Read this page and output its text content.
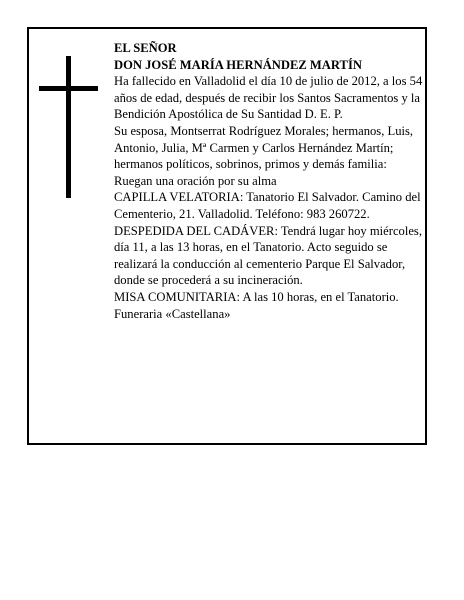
EL SEÑOR

DON JOSÉ MARÍA HERNÁNDEZ MARTÍN

Ha fallecido en Valladolid el día 10 de julio de 2012, a los 54 años de edad, después de recibir los Santos Sacramentos y la Bendición Apostólica de Su Santidad D. E. P.

Su esposa, Montserrat Rodríguez Morales; hermanos, Luis, Antonio, Julia, Mª Carmen y Carlos Hernández Martín; hermanos políticos, sobrinos, primos y demás familia:

Ruegan una oración por su alma

CAPILLA VELATORIA: Tanatorio El Salvador. Camino del Cementerio, 21. Valladolid. Teléfono: 983 260722.

DESPEDIDA DEL CADÁVER: Tendrá lugar hoy miércoles, día 11, a las 13 horas, en el Tanatorio. Acto seguido se realizará la conducción al cementerio Parque El Salvador, donde se procederá a su incineración.

MISA COMUNITARIA: A las 10 horas, en el Tanatorio.

Funeraria «Castellana»
